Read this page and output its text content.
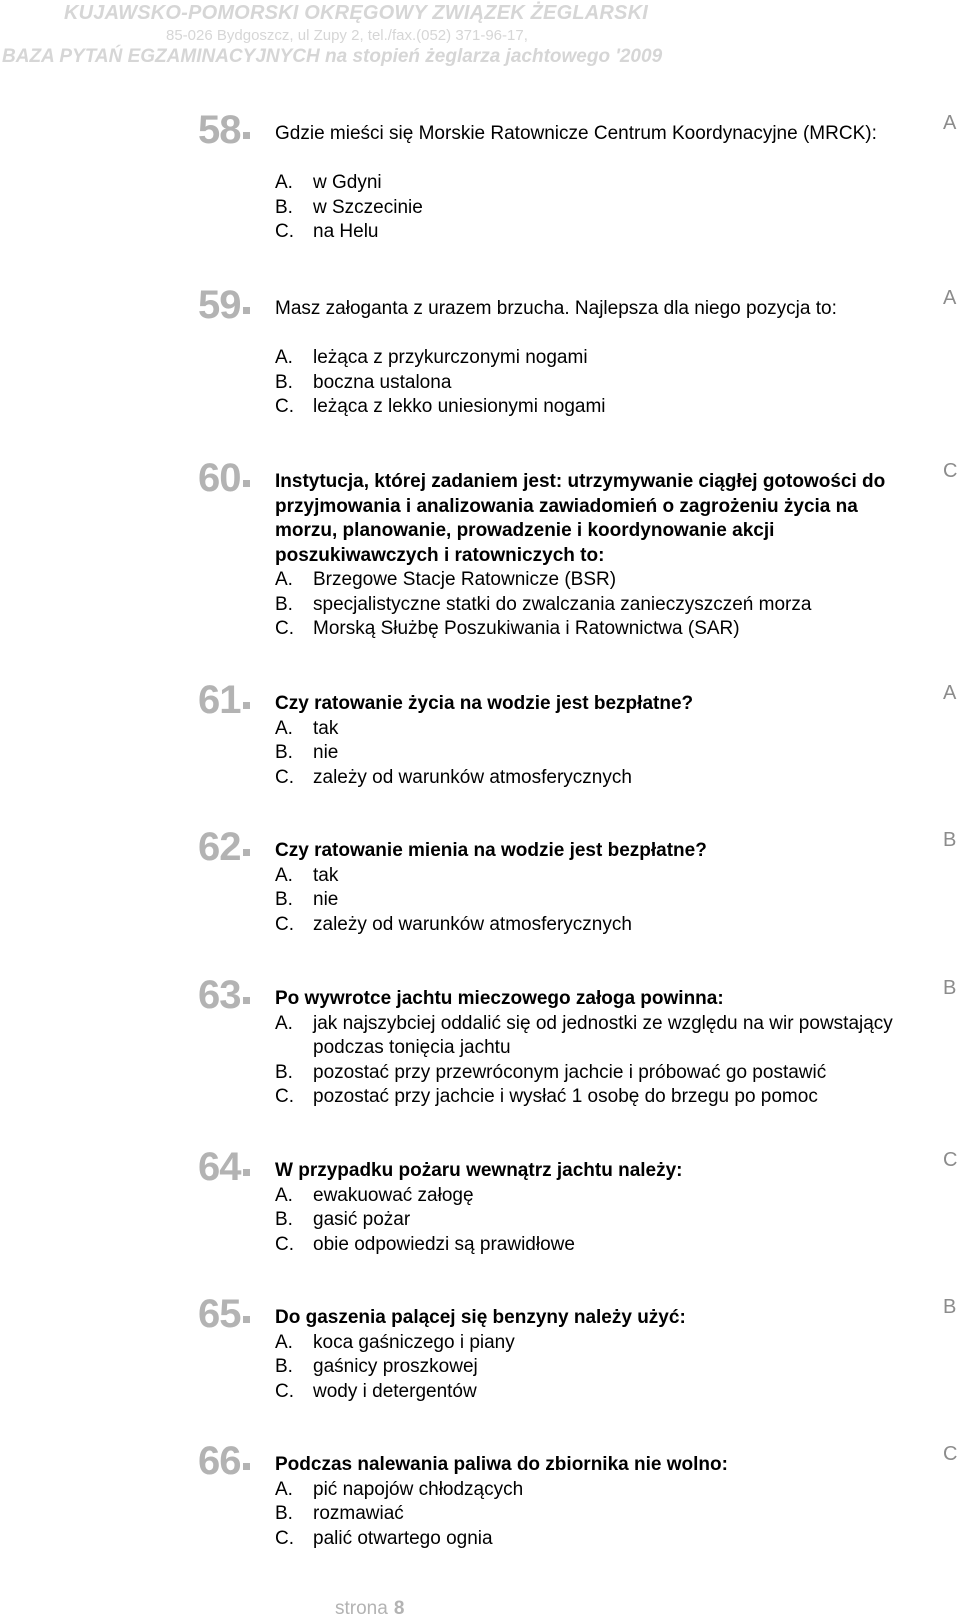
KUJAWSKO-POMORSKI OKRĘGOWY ZWIĄZEK ŻEGLARSKI
85-026 Bydgoszcz, ul Zupy 2, tel./fax.(052) 371-96-17,
BAZA PYTAŃ EGZAMINACYJNYCH na stopień żeglarza jachtowego '2009
58	Gdzie mieści się Morskie Ratownicze Centrum Koordynacyjne (MRCK):
A.	w Gdyni
B.	w Szczecinie
C.	na Helu
A
59	Masz załoganta z urazem brzucha. Najlepsza dla niego pozycja to:
A.	leżąca z przykurczonymi nogami
B.	boczna ustalona
C.	leżąca z lekko uniesionymi nogami
A
60	Instytucja, której zadaniem jest: utrzymywanie ciągłej gotowości do przyjmowania i analizowania zawiadomień o zagrożeniu życia na morzu, planowanie, prowadzenie i koordynowanie akcji poszukiwawczych i ratowniczych to:
A.	Brzegowe Stacje Ratownicze (BSR)
B.	specjalistyczne statki do zwalczania zanieczyszczeń morza
C.	Morską Służbę Poszukiwania i Ratownictwa (SAR)
C
61	Czy ratowanie życia na wodzie jest bezpłatne?
A.	tak
B.	nie
C.	zależy od warunków atmosferycznych
A
62	Czy ratowanie mienia na wodzie jest bezpłatne?
A.	tak
B.	nie
C.	zależy od warunków atmosferycznych
B
63	Po wywrotce jachtu mieczowego załoga powinna:
A.	jak najszybciej oddalić się od jednostki ze względu na wir powstający podczas tonięcia jachtu
B.	pozostać przy przewróconym jachcie i próbować go postawić
C.	pozostać przy jachcie i wysłać 1 osobę do brzegu po pomoc
B
64	W przypadku pożaru wewnątrz jachtu należy:
A.	ewakuować załogę
B.	gasić pożar
C.	obie odpowiedzi są prawidłowe
C
65	Do gaszenia palącej się benzyny należy użyć:
A.	koca gaśniczego i piany
B.	gaśnicy proszkowej
C.	wody i detergentów
B
66	Podczas nalewania paliwa do zbiornika nie wolno:
A.	pić napojów chłodzących
B.	rozmawiać
C.	palić otwartego ognia
C
strona 8
